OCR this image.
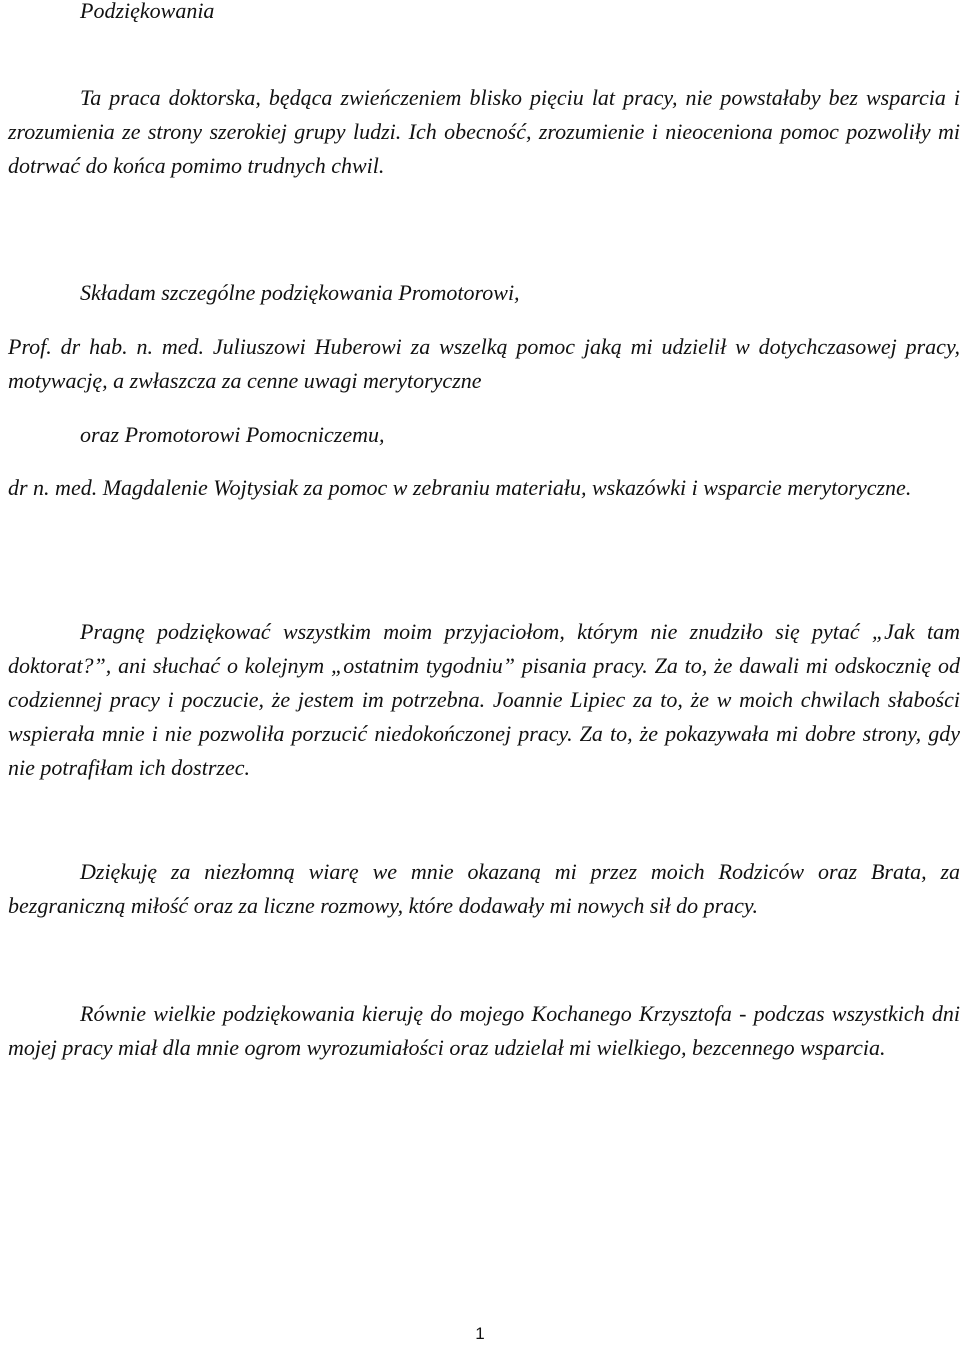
Podziękowania

Ta praca doktorska, będąca zwieńczeniem blisko pięciu lat pracy, nie powstałaby bez wsparcia i zrozumienia ze strony szerokiej grupy ludzi. Ich obecność, zrozumienie i nieoceniona pomoc pozwoliły mi dotrwać do końca pomimo trudnych chwil.

Składam szczególne podziękowania Promotorowi,

Prof. dr hab. n. med. Juliuszowi Huberowi za wszelką pomoc jaką mi udzielił w dotychczasowej pracy, motywację, a zwłaszcza za cenne uwagi merytoryczne

oraz Promotorowi Pomocniczemu,

dr n. med. Magdalenie Wojtysiak za pomoc w zebraniu materiału, wskazówki i wsparcie merytoryczne.

Pragnę podziękować wszystkim moim przyjaciołom, którym nie znudziło się pytać „Jak tam doktorat?”, ani słuchać o kolejnym „ostatnim tygodniu” pisania pracy. Za to, że dawali mi odskocznię od codziennej pracy i poczucie, że jestem im potrzebna. Joannie Lipiec za to, że w moich chwilach słabości wspierała mnie i nie pozwoliła porzucić niedokończonej pracy. Za to, że pokazywała mi dobre strony, gdy nie potrafiłam ich dostrzec.

Dziękuję za niezłomną wiarę we mnie okazaną mi przez moich Rodziców oraz Brata, za bezgraniczną miłość oraz za liczne rozmowy, które dodawały mi nowych sił do pracy.

Równie wielkie podziękowania kieruję do mojego Kochanego Krzysztofa - podczas wszystkich dni mojej pracy miał dla mnie ogrom wyrozumiałości oraz udzielał mi wielkiego, bezcennego wsparcia.

1
